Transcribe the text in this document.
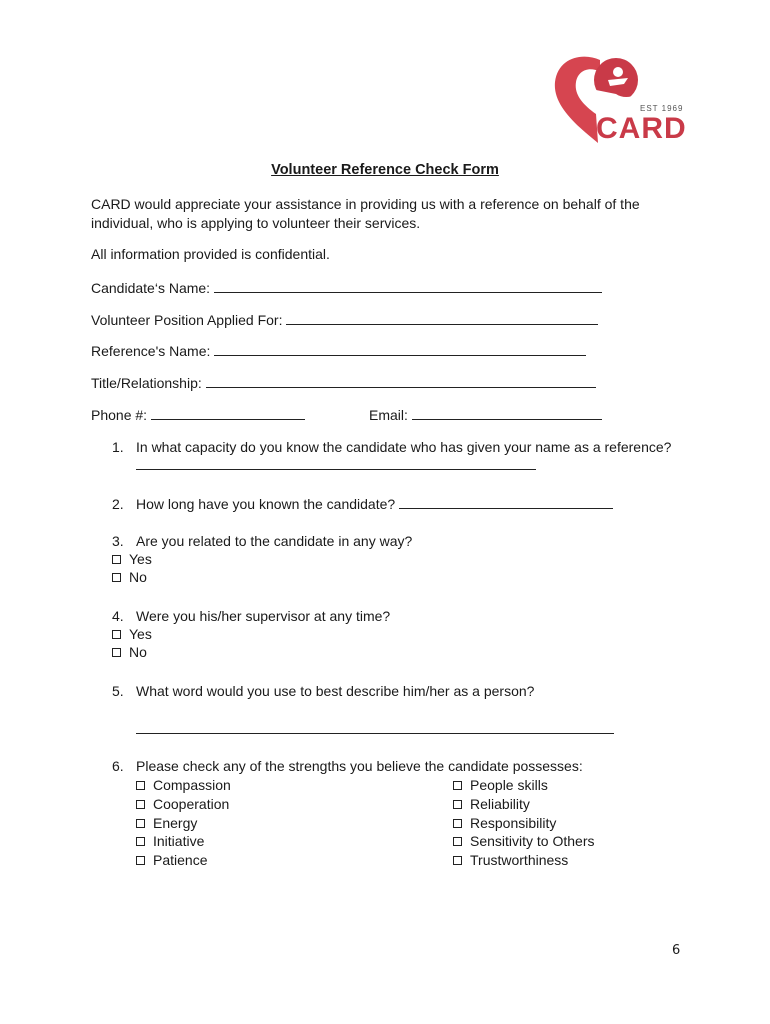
EST 1969
CARD
Volunteer Reference Check Form
CARD would appreciate your assistance in providing us with a reference on behalf of the
individual, who is applying to volunteer their services.
All information provided is confidential.
Candidate‘s Name:
Volunteer Position Applied For:
Reference's Name:
Title/Relationship:
Phone #:	Email:
1. In what capacity do you know the candidate who has given your name as a reference?
2. How long have you known the candidate?
3. Are you related to the candidate in any way?
Yes
No
4. Were you his/her supervisor at any time?
Yes
No
5. What word would you use to best describe him/her as a person?
6. Please check any of the strengths you believe the candidate possesses:
Compassion
Cooperation
Energy
Initiative
Patience
People skills
Reliability
Responsibility
Sensitivity to Others
Trustworthiness
6
